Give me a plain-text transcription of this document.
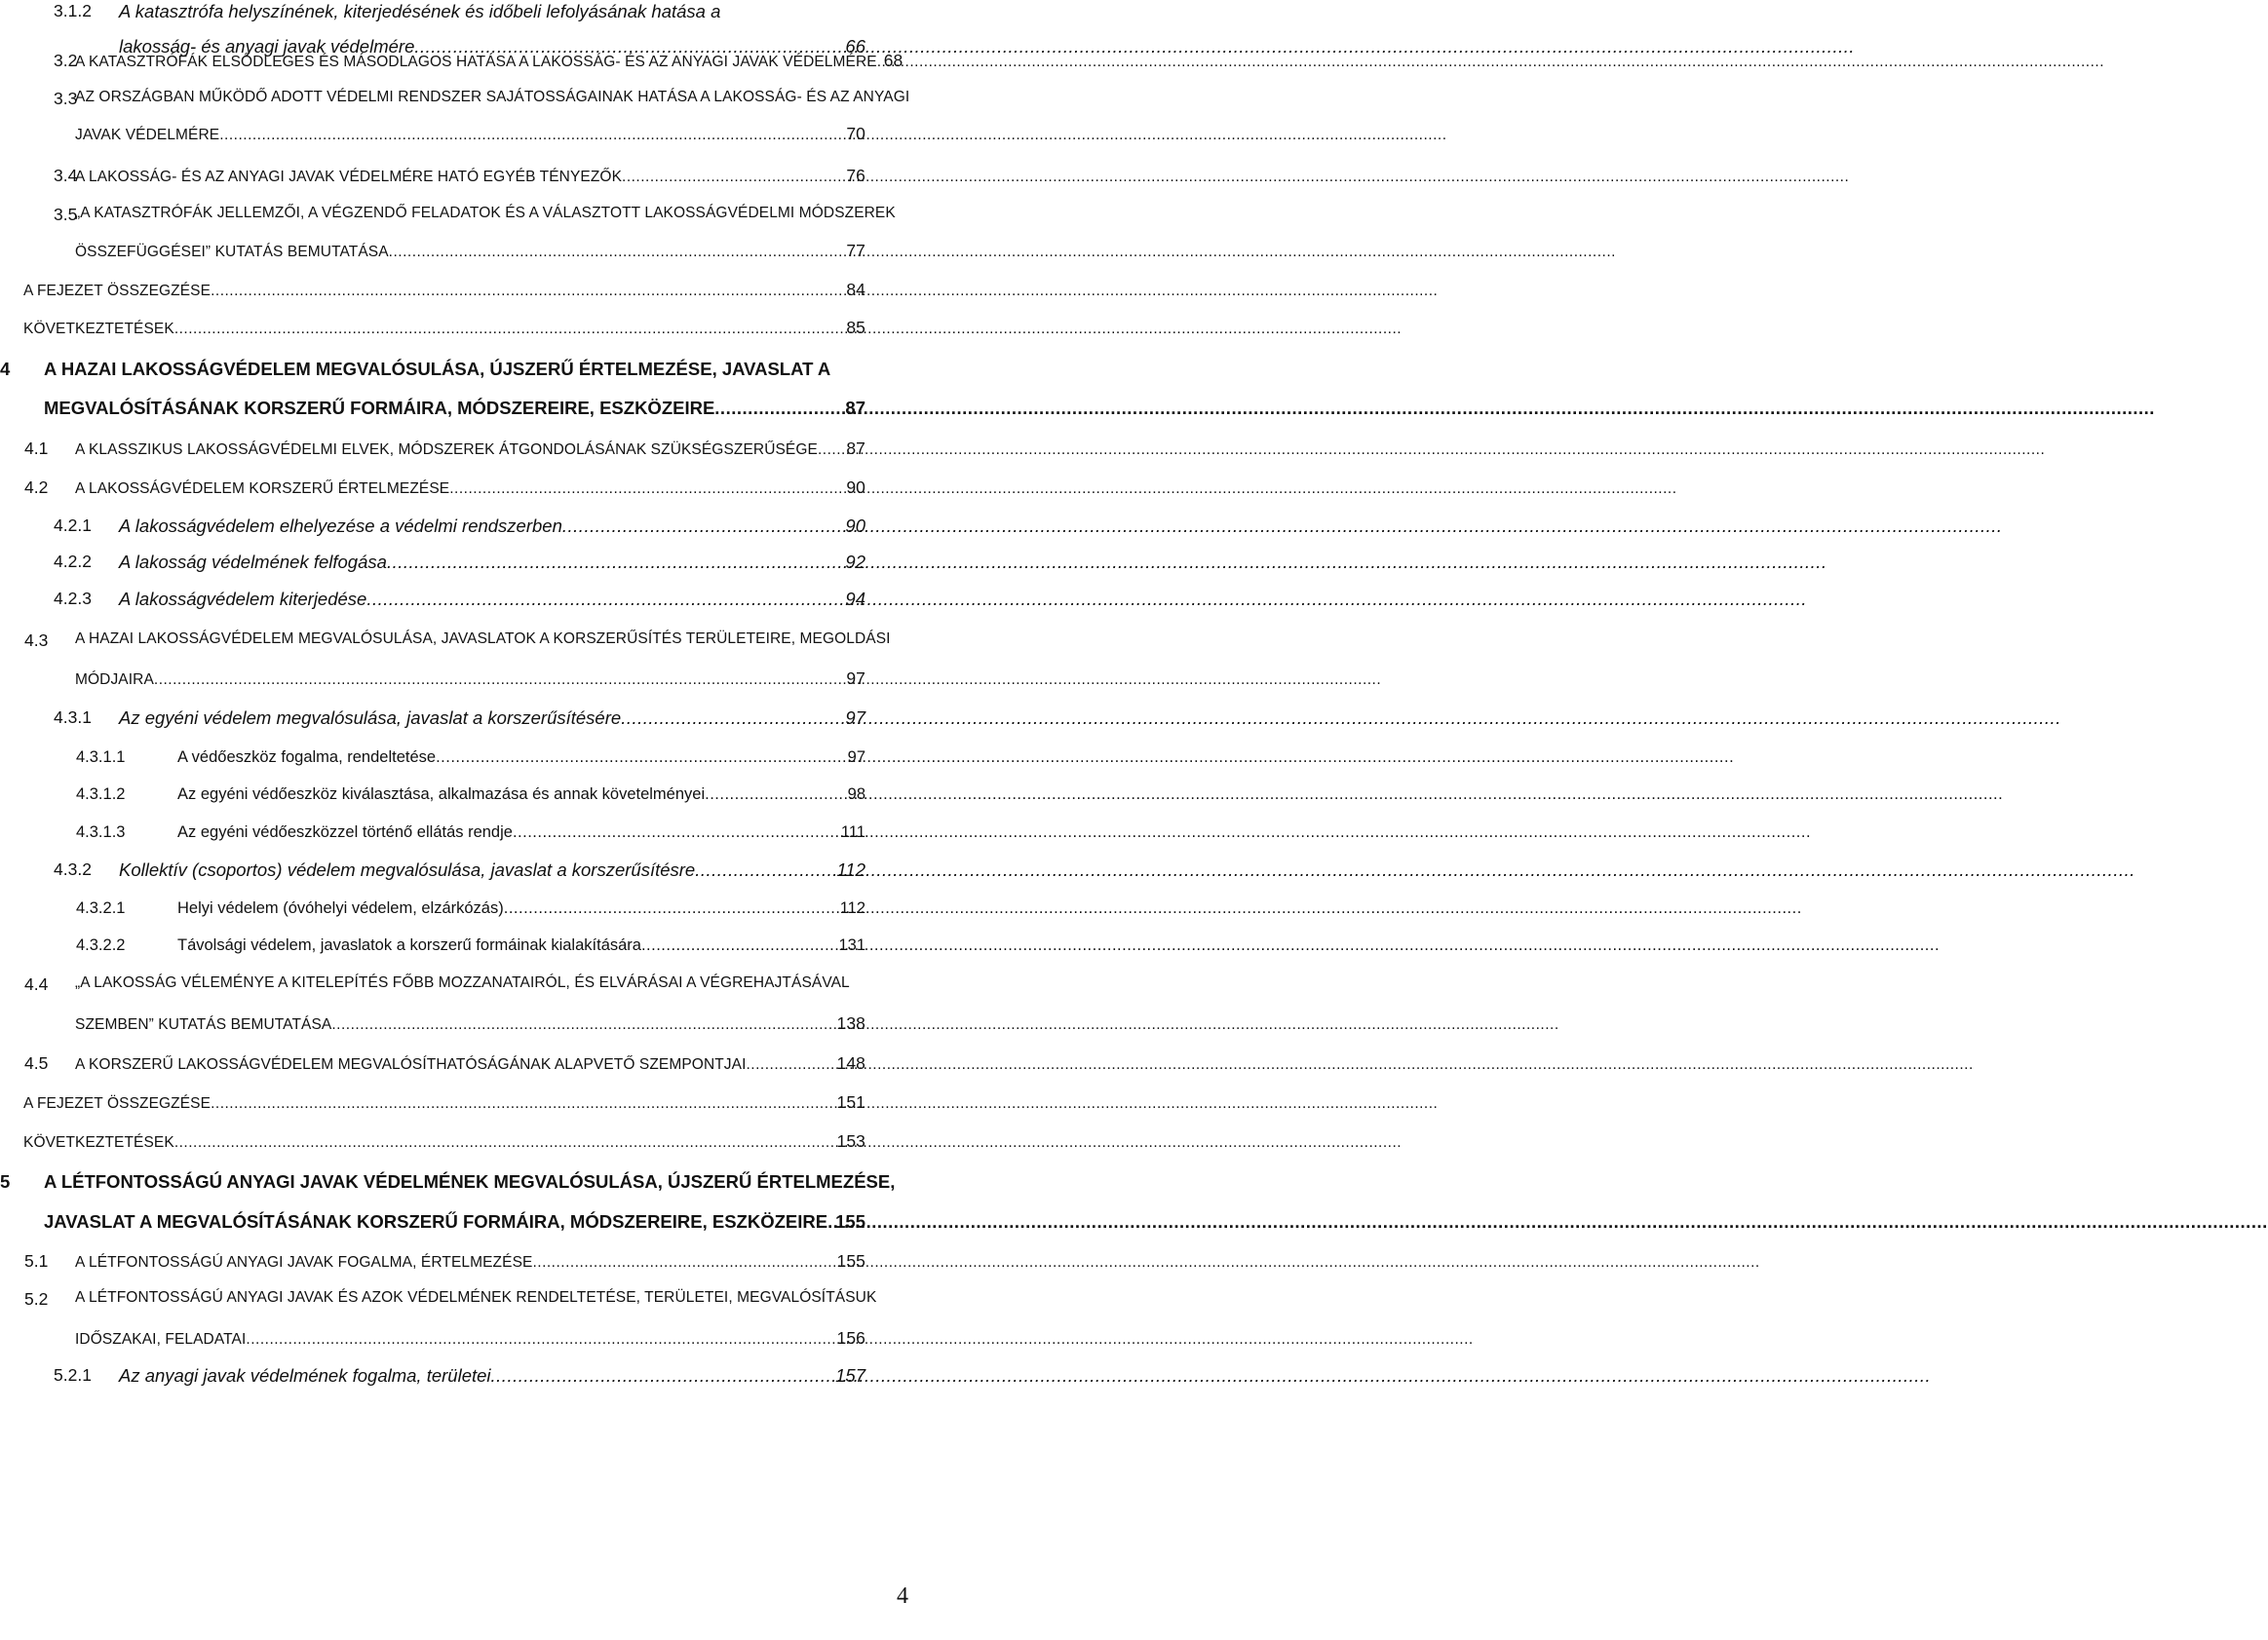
3.1.2 A katasztrófa helyszínének, kiterjedésének és időbeli lefolyásának hatása a
lakosság- és anyagi javak védelmére .....	66
3.2
A KATASZTRÓFÁK ELSŐDLEGES ÉS MÁSODLAGOS HATÁSA A LAKOSSÁG- ÉS AZ ANYAGI JAVAK VÉDELMÉRE ..... 68
3.3
AZ ORSZÁGBAN MŰKÖDŐ ADOTT VÉDELMI RENDSZER SAJÁTOSSÁGAINAK HATÁSA A LAKOSSÁG- ÉS AZ ANYAGI
JAVAK VÉDELMÉRE .....	70
3.4
A LAKOSSÁG- ÉS AZ ANYAGI JAVAK VÉDELMÉRE HATÓ EGYÉB TÉNYEZŐK .....	76
3.5
„A KATASZTRÓFÁK JELLEMZŐI, A VÉGZENDŐ FELADATOK ÉS A VÁLASZTOTT LAKOSSÁGVÉDELMI MÓDSZEREK
ÖSSZEFÜGGÉSEI” KUTATÁS BEMUTATÁSA .....	77
A FEJEZET ÖSSZEGZÉSE .....	84
KÖVETKEZTETÉSEK .....	85
4 A HAZAI LAKOSSÁGVÉDELEM MEGVALÓSULÁSA, ÚJSZERŰ ÉRTELMEZÉSE, JAVASLAT A
MEGVALÓSÍTÁSÁNAK KORSZERŰ FORMÁIRA, MÓDSZEREIRE, ESZKÖZEIRE .....	87
4.1 A KLASSZIKUS LAKOSSÁGVÉDELMI ELVEK, MÓDSZEREK ÁTGONDOLÁSÁNAK SZÜKSÉGSZERŰSÉGE ..... 87
4.2 A LAKOSSÁGVÉDELEM KORSZERŰ ÉRTELMEZÉSE .....	90
4.2.1 A lakosságvédelem elhelyezése a védelmi rendszerben .....	90
4.2.2 A lakosság védelmének felfogása .....	92
4.2.3 A lakosságvédelem kiterjedése .....	94
4.3 A HAZAI LAKOSSÁGVÉDELEM MEGVALÓSULÁSA, JAVASLATOK A KORSZERŰSÍTÉS TERÜLETEIRE, MEGOLDÁSI
MÓDJAIRA .....	97
4.3.1 Az egyéni védelem megvalósulása, javaslat a korszerűsítésére .....	97
4.3.1.1	A védőeszköz fogalma, rendeltetése .....	97
4.3.1.2	Az egyéni védőeszköz kiválasztása, alkalmazása és annak követelményei .....	98
4.3.1.3	Az egyéni védőeszközzel történő ellátás rendje .....	111
4.3.2 Kollektív (csoportos) védelem megvalósulása, javaslat a korszerűsítésre .....	112
4.3.2.1	Helyi védelem (óvóhelyi védelem, elzárkózás) .....	112
4.3.2.2	Távolsági védelem, javaslatok a korszerű formáinak kialakítására .....	131
4.4 „A LAKOSSÁG VÉLEMÉNYE A KITELEPÍTÉS FŐBB MOZZANATAIRÓL, ÉS ELVÁRÁSAI A VÉGREHAJTÁSÁVAL
SZEMBEN” KUTATÁS BEMUTATÁSA .....	138
4.5 A KORSZERŰ LAKOSSÁGVÉDELEM MEGVALÓSÍTHATÓSÁGÁNAK ALAPVETŐ SZEMPONTJAI .....	148
A FEJEZET ÖSSZEGZÉSE .....	151
KÖVETKEZTETÉSEK .....	153
5 A LÉTFONTOSSÁGÚ ANYAGI JAVAK VÉDELMÉNEK MEGVALÓSULÁSA, ÚJSZERŰ ÉRTELMEZÉSE,
JAVASLAT A MEGVALÓSÍTÁSÁNAK KORSZERŰ FORMÁIRA, MÓDSZEREIRE, ESZKÖZEIRE ..... 155
5.1 A LÉTFONTOSSÁGÚ ANYAGI JAVAK FOGALMA, ÉRTELMEZÉSE .....	155
5.2 A LÉTFONTOSSÁGÚ ANYAGI JAVAK ÉS AZOK VÉDELMÉNEK RENDELTETÉSE, TERÜLETEI, MEGVALÓSÍTÁSUK
IDŐSZAKAI, FELADATAI .....	156
5.2.1 Az anyagi javak védelmének fogalma, területei .....	157
4
